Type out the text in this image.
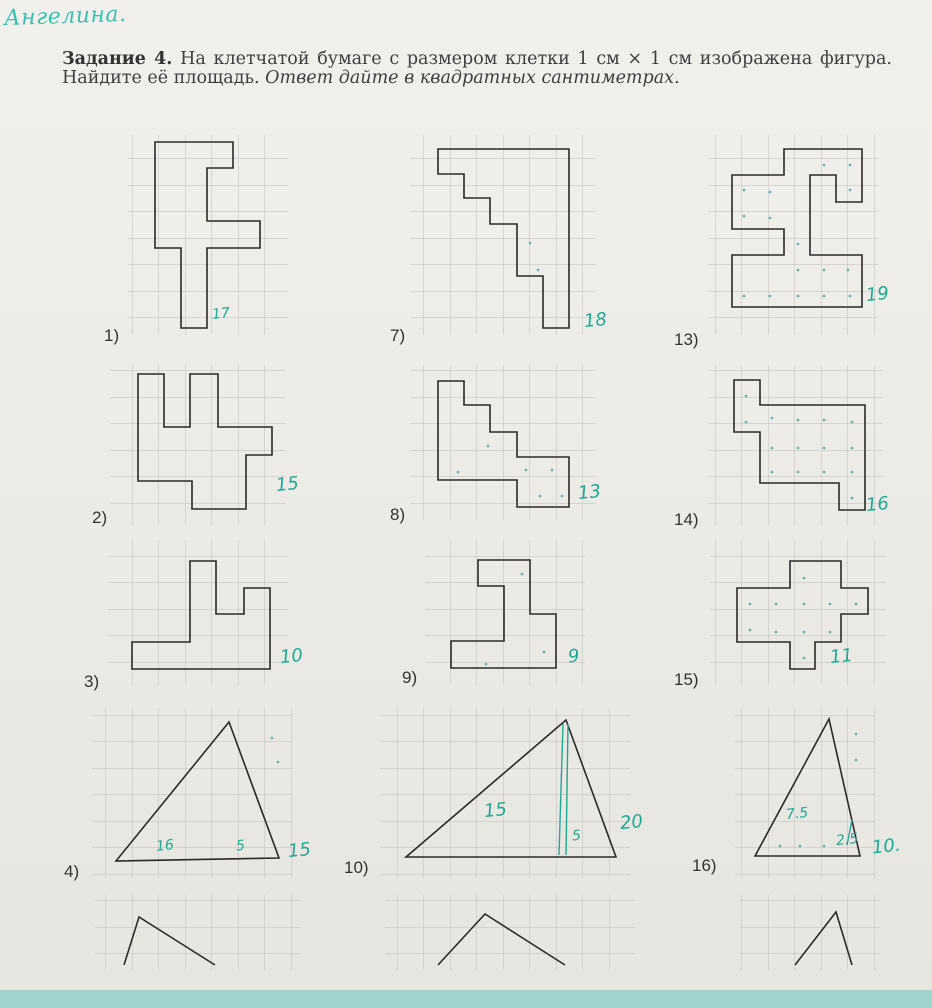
Ангелина.
Задание 4. На клетчатой бумаге с размером клетки 1 см × 1 см изображена фигура. Найдите её площадь. Ответ дайте в квадратных сантиметрах.
1)
2)
3)
4)
7)
8)
9)
10)
13)
14)
15)
16)
17
15
10
15
18
13
9
20
19
16
11
10.
16	5
15
5
7.5
2.5
